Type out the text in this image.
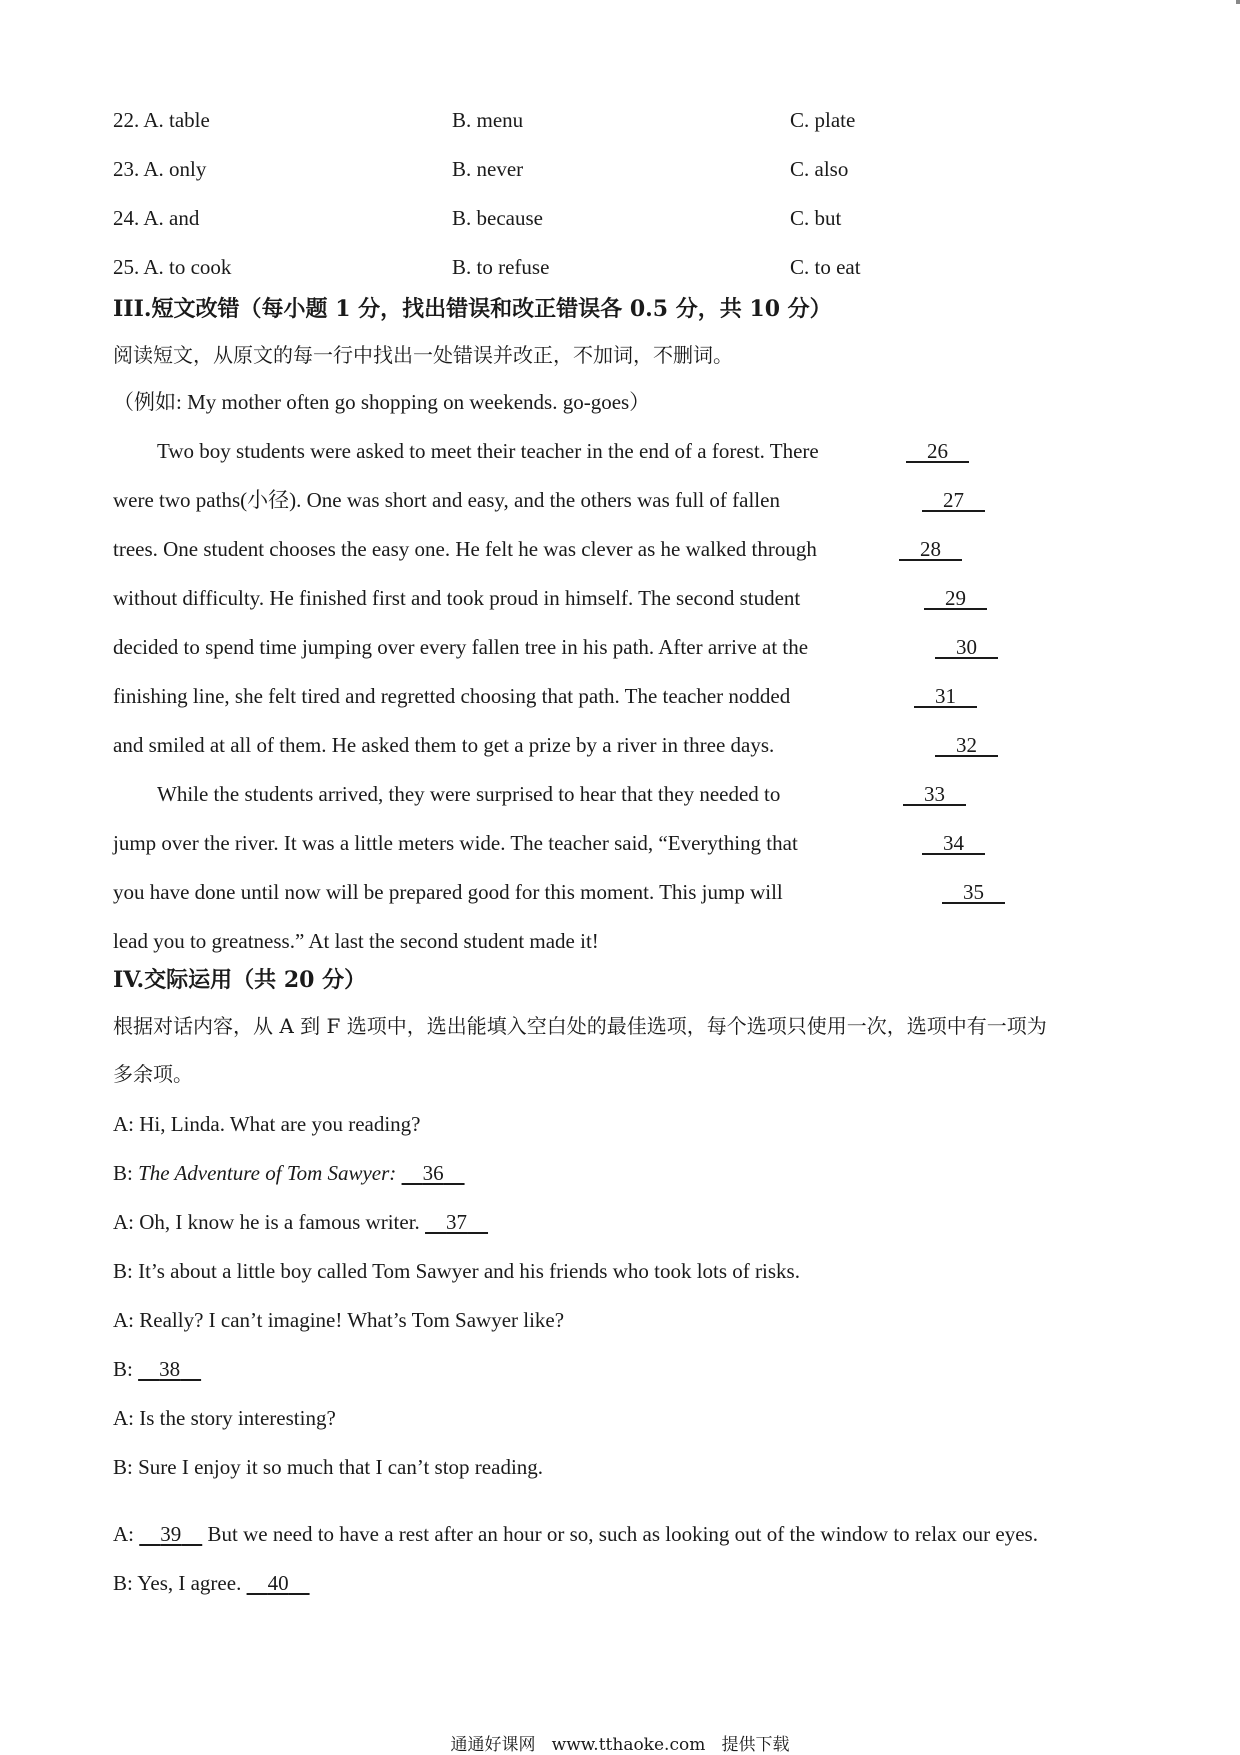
22. A. table	B. menu	C. plate
23. A. only	B. never	C. also
24. A. and	B. because	C. but
25. A. to cook	B. to refuse	C. to eat
III.短文改错（每小题 1 分，找出错误和改正错误各 0.5 分，共 10 分）
阅读短文，从原文的每一行中找出一处错误并改正，不加词，不删词。
（例如: My mother often go shopping on weekends. go-goes）
Two boy students were asked to meet their teacher in the end of a forest. There
were two paths(小径). One was short and easy, and the others was full of fallen
trees. One student chooses the easy one. He felt he was clever as he walked through
without difficulty. He finished first and took proud in himself. The second student
decided to spend time jumping over every fallen tree in his path. After arrive at the
finishing line, she felt tired and regretted choosing that path. The teacher nodded
and smiled at all of them. He asked them to get a prize by a river in three days.
While the students arrived, they were surprised to hear that they needed to
jump over the river. It was a little meters wide. The teacher said, “Everything that
you have done until now will be prepared good for this moment. This jump will
lead you to greatness.” At last the second student made it!
26
27
28
29
30
31
32
33
34
35
IV.交际运用（共 20 分）
根据对话内容，从 A 到 F 选项中，选出能填入空白处的最佳选项，每个选项只使用一次，选项中有一项为
多余项。
A: Hi, Linda. What are you reading?
B: The Adventure of Tom Sawyer: 36
A: Oh, I know he is a famous writer.     37
B: It’s about a little boy called Tom Sawyer and his friends who took lots of risks.
A: Really? I can’t imagine! What’s Tom Sawyer like?
B:     38
A: Is the story interesting?
B: Sure I enjoy it so much that I can’t stop reading.
A:     39     But we need to have a rest after an hour or so, such as looking out of the window to relax our eyes.
B: Yes, I agree.     40
通通好课网   www.tthaoke.com   提供下载
